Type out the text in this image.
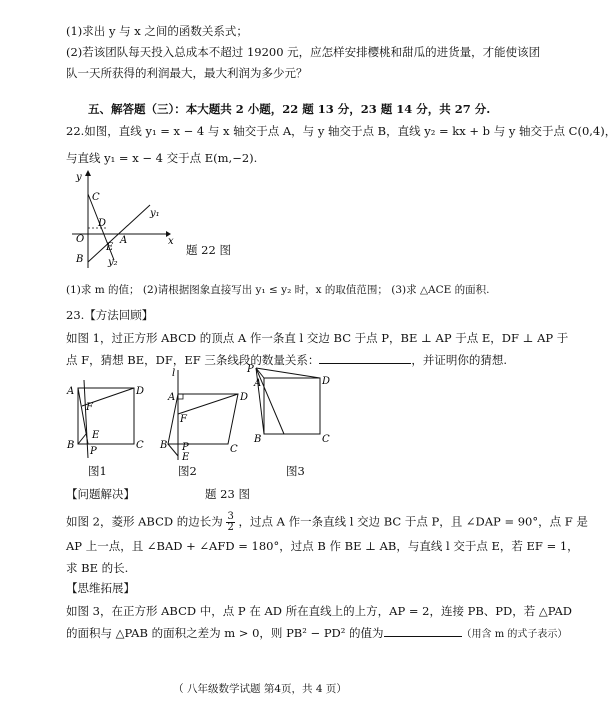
(1)求出 y 与 x 之间的函数关系式；
(2)若该团队每天投入总成本不超过 19200 元，应怎样安排樱桃和甜瓜的进货量，才能使该团
队一天所获得的利润最大，最大利润为多少元？
五、解答题（三）：本大题共 2 小题，22 题 13 分，23 题 14 分，共 27 分.
22.如图，直线 y₁ = x − 4 与 x 轴交于点 A，与 y 轴交于点 B，直线 y₂ = kx + b 与 y 轴交于点 C(0,4)，
与直线 y₁ = x − 4 交于点 E(m,−2).
y
x
C
D
O	A
E
B
y₁
y₂
题 22 图
(1)求 m 的值； (2)请根据图象直接写出 y₁ ≤ y₂ 时，x 的取值范围； (3)求 △ACE 的面积.
23.【方法回顾】
如图 1，过正方形 ABCD 的顶点 A 作一条直 l 交边 BC 于点 P，BE ⊥ AP 于点 E，DF ⊥ AP 于
点 F，猜想 BE，DF，EF 三条线段的数量关系：	，并证明你的猜想.
A	D
F
E
B
P
C
l
A	D
F
B P	C
E
P
A	D
B	C
图1	图2	图3
【问题解决】	题 23 图
如图 2，菱形 ABCD 的边长为 $\frac{3}{2}$ ，过点 A 作一条直线 l 交边 BC 于点 P，且 ∠DAP = 90°，点 F 是
AP 上一点，且 ∠BAD + ∠AFD = 180°，过点 B 作 BE ⊥ AB，与直线 l 交于点 E，若 EF = 1，
求 BE 的长.
【思维拓展】
如图 3，在正方形 ABCD 中，点 P 在 AD 所在直线上的上方，AP = 2，连接 PB、PD，若 △PAD
的面积与 △PAB 的面积之差为 m > 0，则 PB² − PD² 的值为	（用含 m 的式子表示）
（ 八年级数学试题 第4页，共 4 页）
